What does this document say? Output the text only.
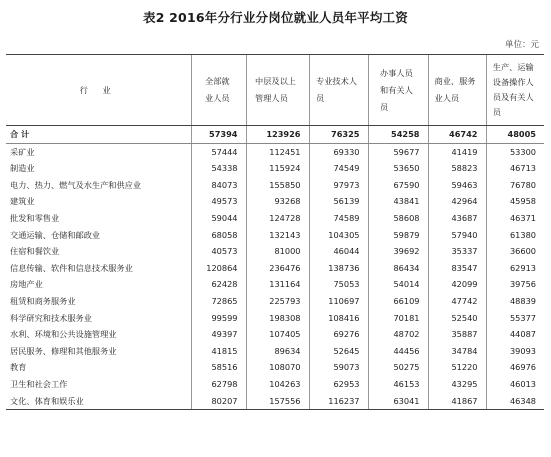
表2 2016年分行业分岗位就业人员年平均工资
单位：元
行 业	全部就业人员	中层及以上管理人员	专业技术人员	办事人员和有关人员	商业、服务业人员	生产、运输设备操作人员及有关人员
合 计	57394	123926	76325	54258	46742	48005
采矿业	57444	112451	69330	59677	41419	53300
制造业	54338	115924	74549	53650	58823	46713
电力、热力、燃气及水生产和供应业	84073	155850	97973	67590	59463	76780
建筑业	49573	93268	56139	43841	42964	45958
批发和零售业	59044	124728	74589	58608	43687	46371
交通运输、仓储和邮政业	68058	132143	104305	59879	57940	61380
住宿和餐饮业	40573	81000	46044	39692	35337	36600
信息传输、软件和信息技术服务业	120864	236476	138736	86434	83547	62913
房地产业	62428	131164	75053	54014	42099	39756
租赁和商务服务业	72865	225793	110697	66109	47742	48839
科学研究和技术服务业	99599	198308	108416	70181	52540	55377
水利、环境和公共设施管理业	49397	107405	69276	48702	35887	44087
居民服务、修理和其他服务业	41815	89634	52645	44456	34784	39093
教育	58516	108070	59073	50275	51220	46976
卫生和社会工作	62798	104263	62953	46153	43295	46013
文化、体育和娱乐业	80207	157556	116237	63041	41867	46348
